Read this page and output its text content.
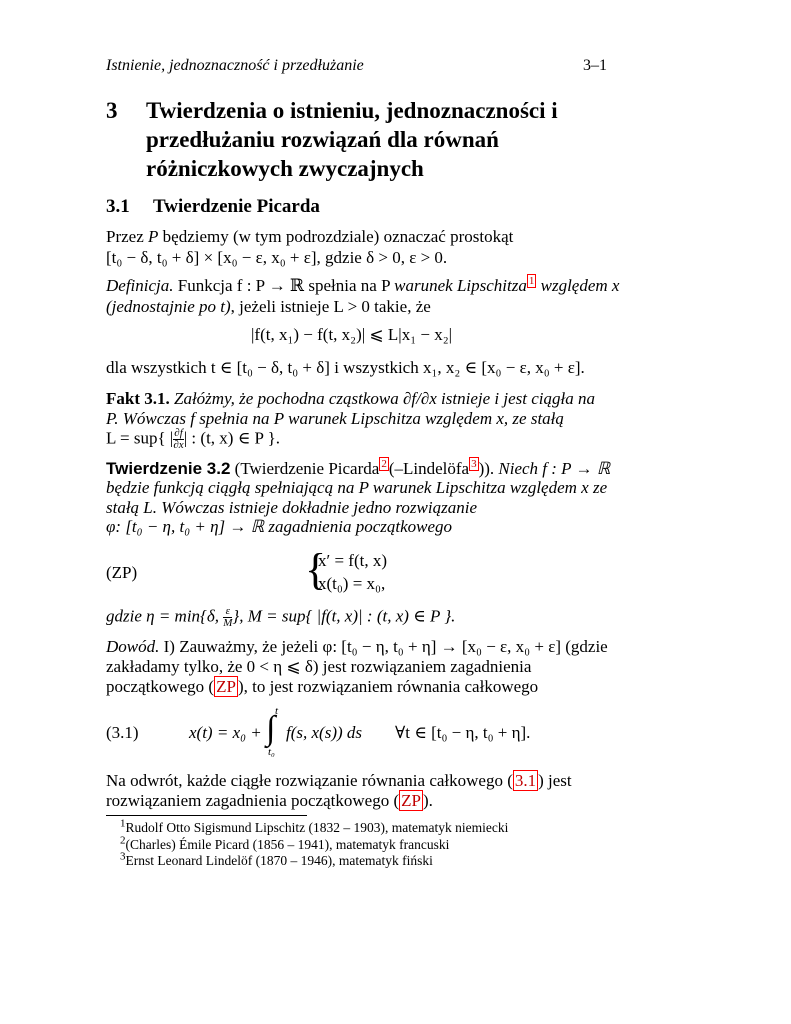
Istnienie, jednoznaczność i przedłużanie	3–1
3 Twierdzenia o istnieniu, jednoznaczności i
przedłużaniu rozwiązań dla równań
różniczkowych zwyczajnych
3.1 Twierdzenie Picarda
Przez P będziemy (w tym podrozdziale) oznaczać prostokąt
[t₀ − δ, t₀ + δ] × [x₀ − ε, x₀ + ε], gdzie δ > 0, ε > 0.
Definicja. Funkcja f : P → ℝ spełnia na P warunek Lipschitza $^1$ względem x
(jednostajnie po t), jeżeli istnieje L > 0 takie, że
|f(t, x₁) − f(t, x₂)| ⩽ L|x₁ − x₂|
dla wszystkich t ∈ [t₀ − δ, t₀ + δ] i wszystkich x₁, x₂ ∈ [x₀ − ε, x₀ + ε].
Fakt 3.1. Załóżmy, że pochodna cząstkowa ∂f/∂x istnieje i jest ciągła na
P. Wówczas f spełnia na P warunek Lipschitza względem x, ze stałą
L = sup{ | $\frac{\partial f}{\partial x}$ | : (t, x) ∈ P }.
Twierdzenie 3.2 (Twierdzenie Picarda $^2$ (–Lindelöfa $^3$ )). Niech f : P → ℝ
będzie funkcją ciągłą spełniającą na P warunek Lipschitza względem x ze
stałą L. Wówczas istnieje dokładnie jedno rozwiązanie
φ: [t₀ − η, t₀ + η] → ℝ zagadnienia początkowego
(ZP)	{
x′ = f(t, x)
x(t₀) = x₀,
gdzie η = min{δ, $\frac{\varepsilon}{M}$ }, M = sup{ |f(t, x)| : (t, x) ∈ P }.
Dowód. I) Zauważmy, że jeżeli φ: [t₀ − η, t₀ + η] → [x₀ − ε, x₀ + ε] (gdzie
zakładamy tylko, że 0 < η ⩽ δ) jest rozwiązaniem zagadnienia
początkowego ( ZP ), to jest rozwiązaniem równania całkowego
(3.1)	x(t) = x₀ +
t
∫
t₀
f(s, x(s)) ds ∀t ∈ [t₀ − η, t₀ + η].
Na odwrót, każde ciągłe rozwiązanie równania całkowego ( 3.1 ) jest
rozwiązaniem zagadnienia początkowego ( ZP ).
$^1$Rudolf Otto Sigismund Lipschitz (1832 – 1903), matematyk niemiecki
$^2$(Charles) Émile Picard (1856 – 1941), matematyk francuski
$^3$Ernst Leonard Lindelöf (1870 – 1946), matematyk fiński
